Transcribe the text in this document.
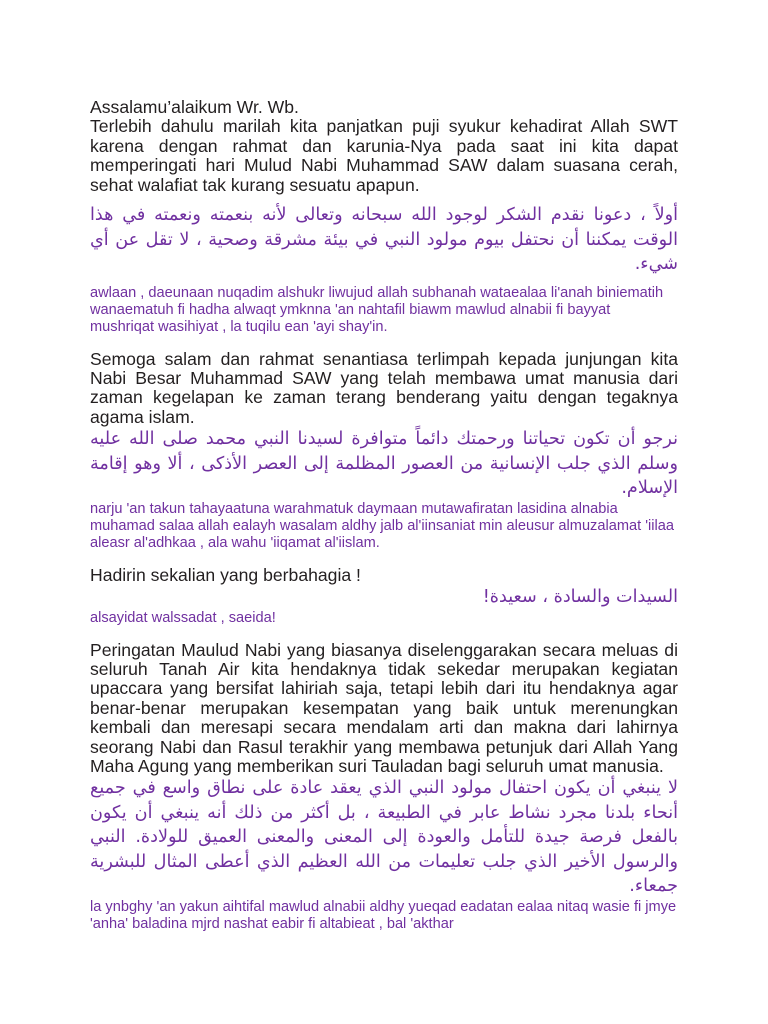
Assalamu’alaikum Wr. Wb.

Terlebih dahulu marilah kita panjatkan puji syukur kehadirat Allah SWT karena dengan rahmat dan karunia-Nya pada saat ini kita dapat memperingati hari Mulud Nabi Muhammad SAW dalam suasana cerah, sehat walafiat tak kurang sesuatu apapun.

أولاً ، دعونا نقدم الشكر لوجود الله سبحانه وتعالى لأنه بنعمته ونعمته في هذا الوقت يمكننا أن نحتفل بيوم مولود النبي في بيئة مشرقة وصحية ، لا تقل عن أي شيء.

awlaan , daeunaan nuqadim alshukr liwujud allah subhanah wataealaa li'anah biniematih wanaematuh fi hadha alwaqt ymknna 'an nahtafil biawm mawlud alnabii fi bayyat mushriqat wasihiyat , la tuqilu ean 'ayi shay'in.

Semoga salam dan rahmat senantiasa terlimpah kepada junjungan kita Nabi Besar Muhammad SAW yang telah membawa umat manusia dari zaman kegelapan ke zaman terang benderang yaitu dengan tegaknya agama islam.

نرجو أن تكون تحياتنا ورحمتك دائماً متوافرة لسيدنا النبي محمد صلى الله عليه وسلم الذي جلب الإنسانية من العصور المظلمة إلى العصر الأذكى ، ألا وهو إقامة الإسلام.

narju 'an takun tahayaatuna warahmatuk daymaan mutawafiratan lasidina alnabia muhamad salaa allah ealayh wasalam aldhy jalb al'iinsaniat min aleusur almuzalamat 'iilaa aleasr al'adhkaa , ala wahu 'iiqamat al'iislam.

Hadirin sekalian yang berbahagia !

السيدات والسادة ، سعيدة!

alsayidat walssadat , saeida!

Peringatan Maulud Nabi yang biasanya diselenggarakan secara meluas di seluruh Tanah Air kita hendaknya tidak sekedar merupakan kegiatan upaccara yang bersifat lahiriah saja, tetapi lebih dari itu hendaknya agar benar-benar merupakan kesempatan yang baik untuk merenungkan kembali dan meresapi secara mendalam arti dan makna dari lahirnya seorang Nabi dan Rasul terakhir yang membawa petunjuk dari Allah Yang Maha Agung yang memberikan suri Tauladan bagi seluruh umat manusia.

لا ينبغي أن يكون احتفال مولود النبي الذي يعقد عادة على نطاق واسع في جميع أنحاء بلدنا مجرد نشاط عابر في الطبيعة ، بل أكثر من ذلك أنه ينبغي أن يكون بالفعل فرصة جيدة للتأمل والعودة إلى المعنى والمعنى العميق للولادة. النبي والرسول الأخير الذي جلب تعليمات من الله العظيم الذي أعطى المثال للبشرية جمعاء.

la ynbghy 'an yakun aihtifal mawlud alnabii aldhy yueqad eadatan ealaa nitaq wasie fi jmye 'anha' baladina mjrd nashat eabir fi altabieat , bal 'akthar
